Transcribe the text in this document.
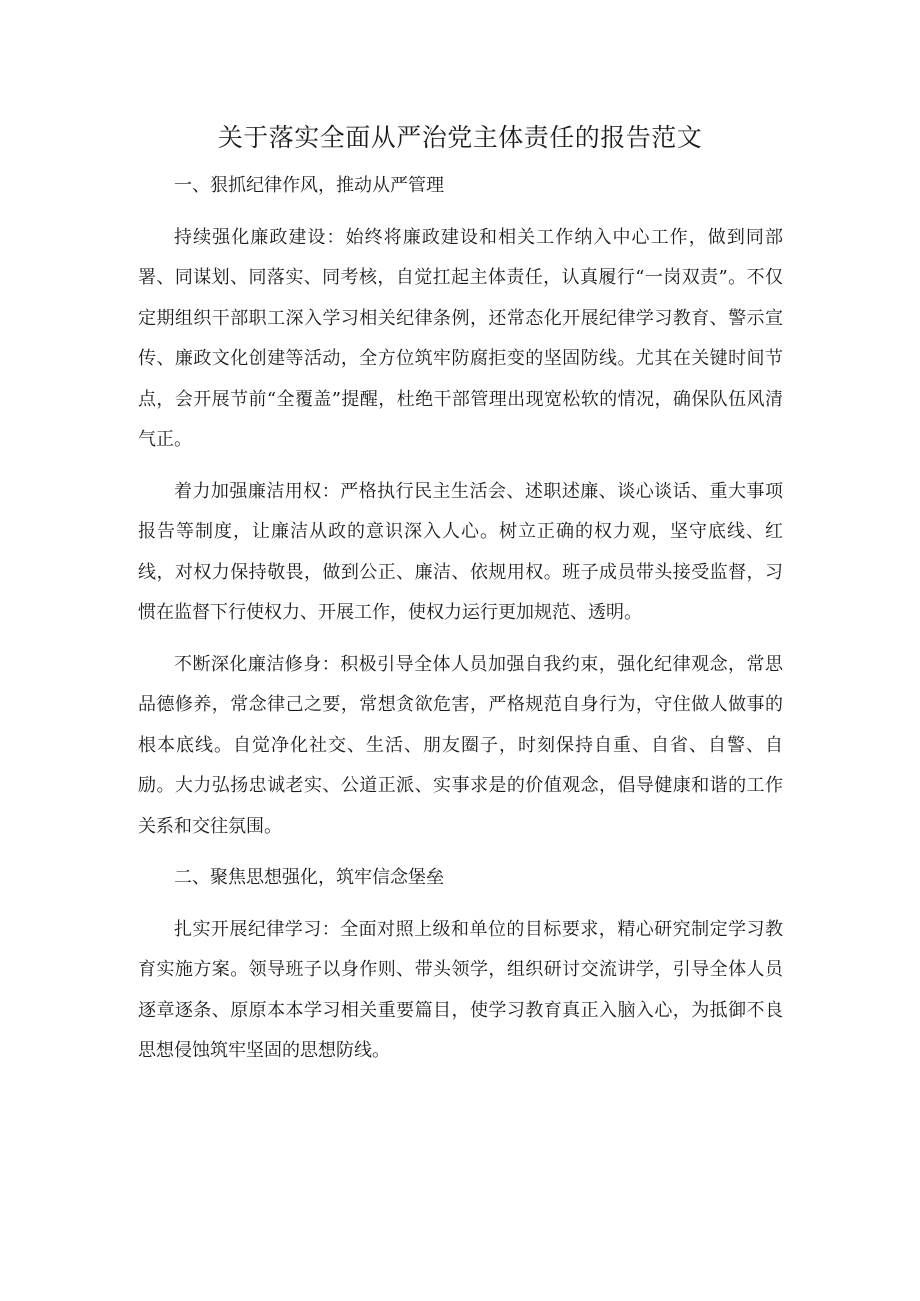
关于落实全面从严治党主体责任的报告范文

一、狠抓纪律作风，推动从严管理

持续强化廉政建设：始终将廉政建设和相关工作纳入中心工作，做到同部署、同谋划、同落实、同考核，自觉扛起主体责任，认真履行“一岗双责”。不仅定期组织干部职工深入学习相关纪律条例，还常态化开展纪律学习教育、警示宣传、廉政文化创建等活动，全方位筑牢防腐拒变的坚固防线。尤其在关键时间节点，会开展节前“全覆盖”提醒，杜绝干部管理出现宽松软的情况，确保队伍风清气正。

着力加强廉洁用权：严格执行民主生活会、述职述廉、谈心谈话、重大事项报告等制度，让廉洁从政的意识深入人心。树立正确的权力观，坚守底线、红线，对权力保持敬畏，做到公正、廉洁、依规用权。班子成员带头接受监督，习惯在监督下行使权力、开展工作，使权力运行更加规范、透明。

不断深化廉洁修身：积极引导全体人员加强自我约束，强化纪律观念，常思品德修养，常念律己之要，常想贪欲危害，严格规范自身行为，守住做人做事的根本底线。自觉净化社交、生活、朋友圈子，时刻保持自重、自省、自警、自励。大力弘扬忠诚老实、公道正派、实事求是的价值观念，倡导健康和谐的工作关系和交往氛围。

二、聚焦思想强化，筑牢信念堡垒

扎实开展纪律学习：全面对照上级和单位的目标要求，精心研究制定学习教育实施方案。领导班子以身作则、带头领学，组织研讨交流讲学，引导全体人员逐章逐条、原原本本学习相关重要篇目，使学习教育真正入脑入心，为抵御不良思想侵蚀筑牢坚固的思想防线。
